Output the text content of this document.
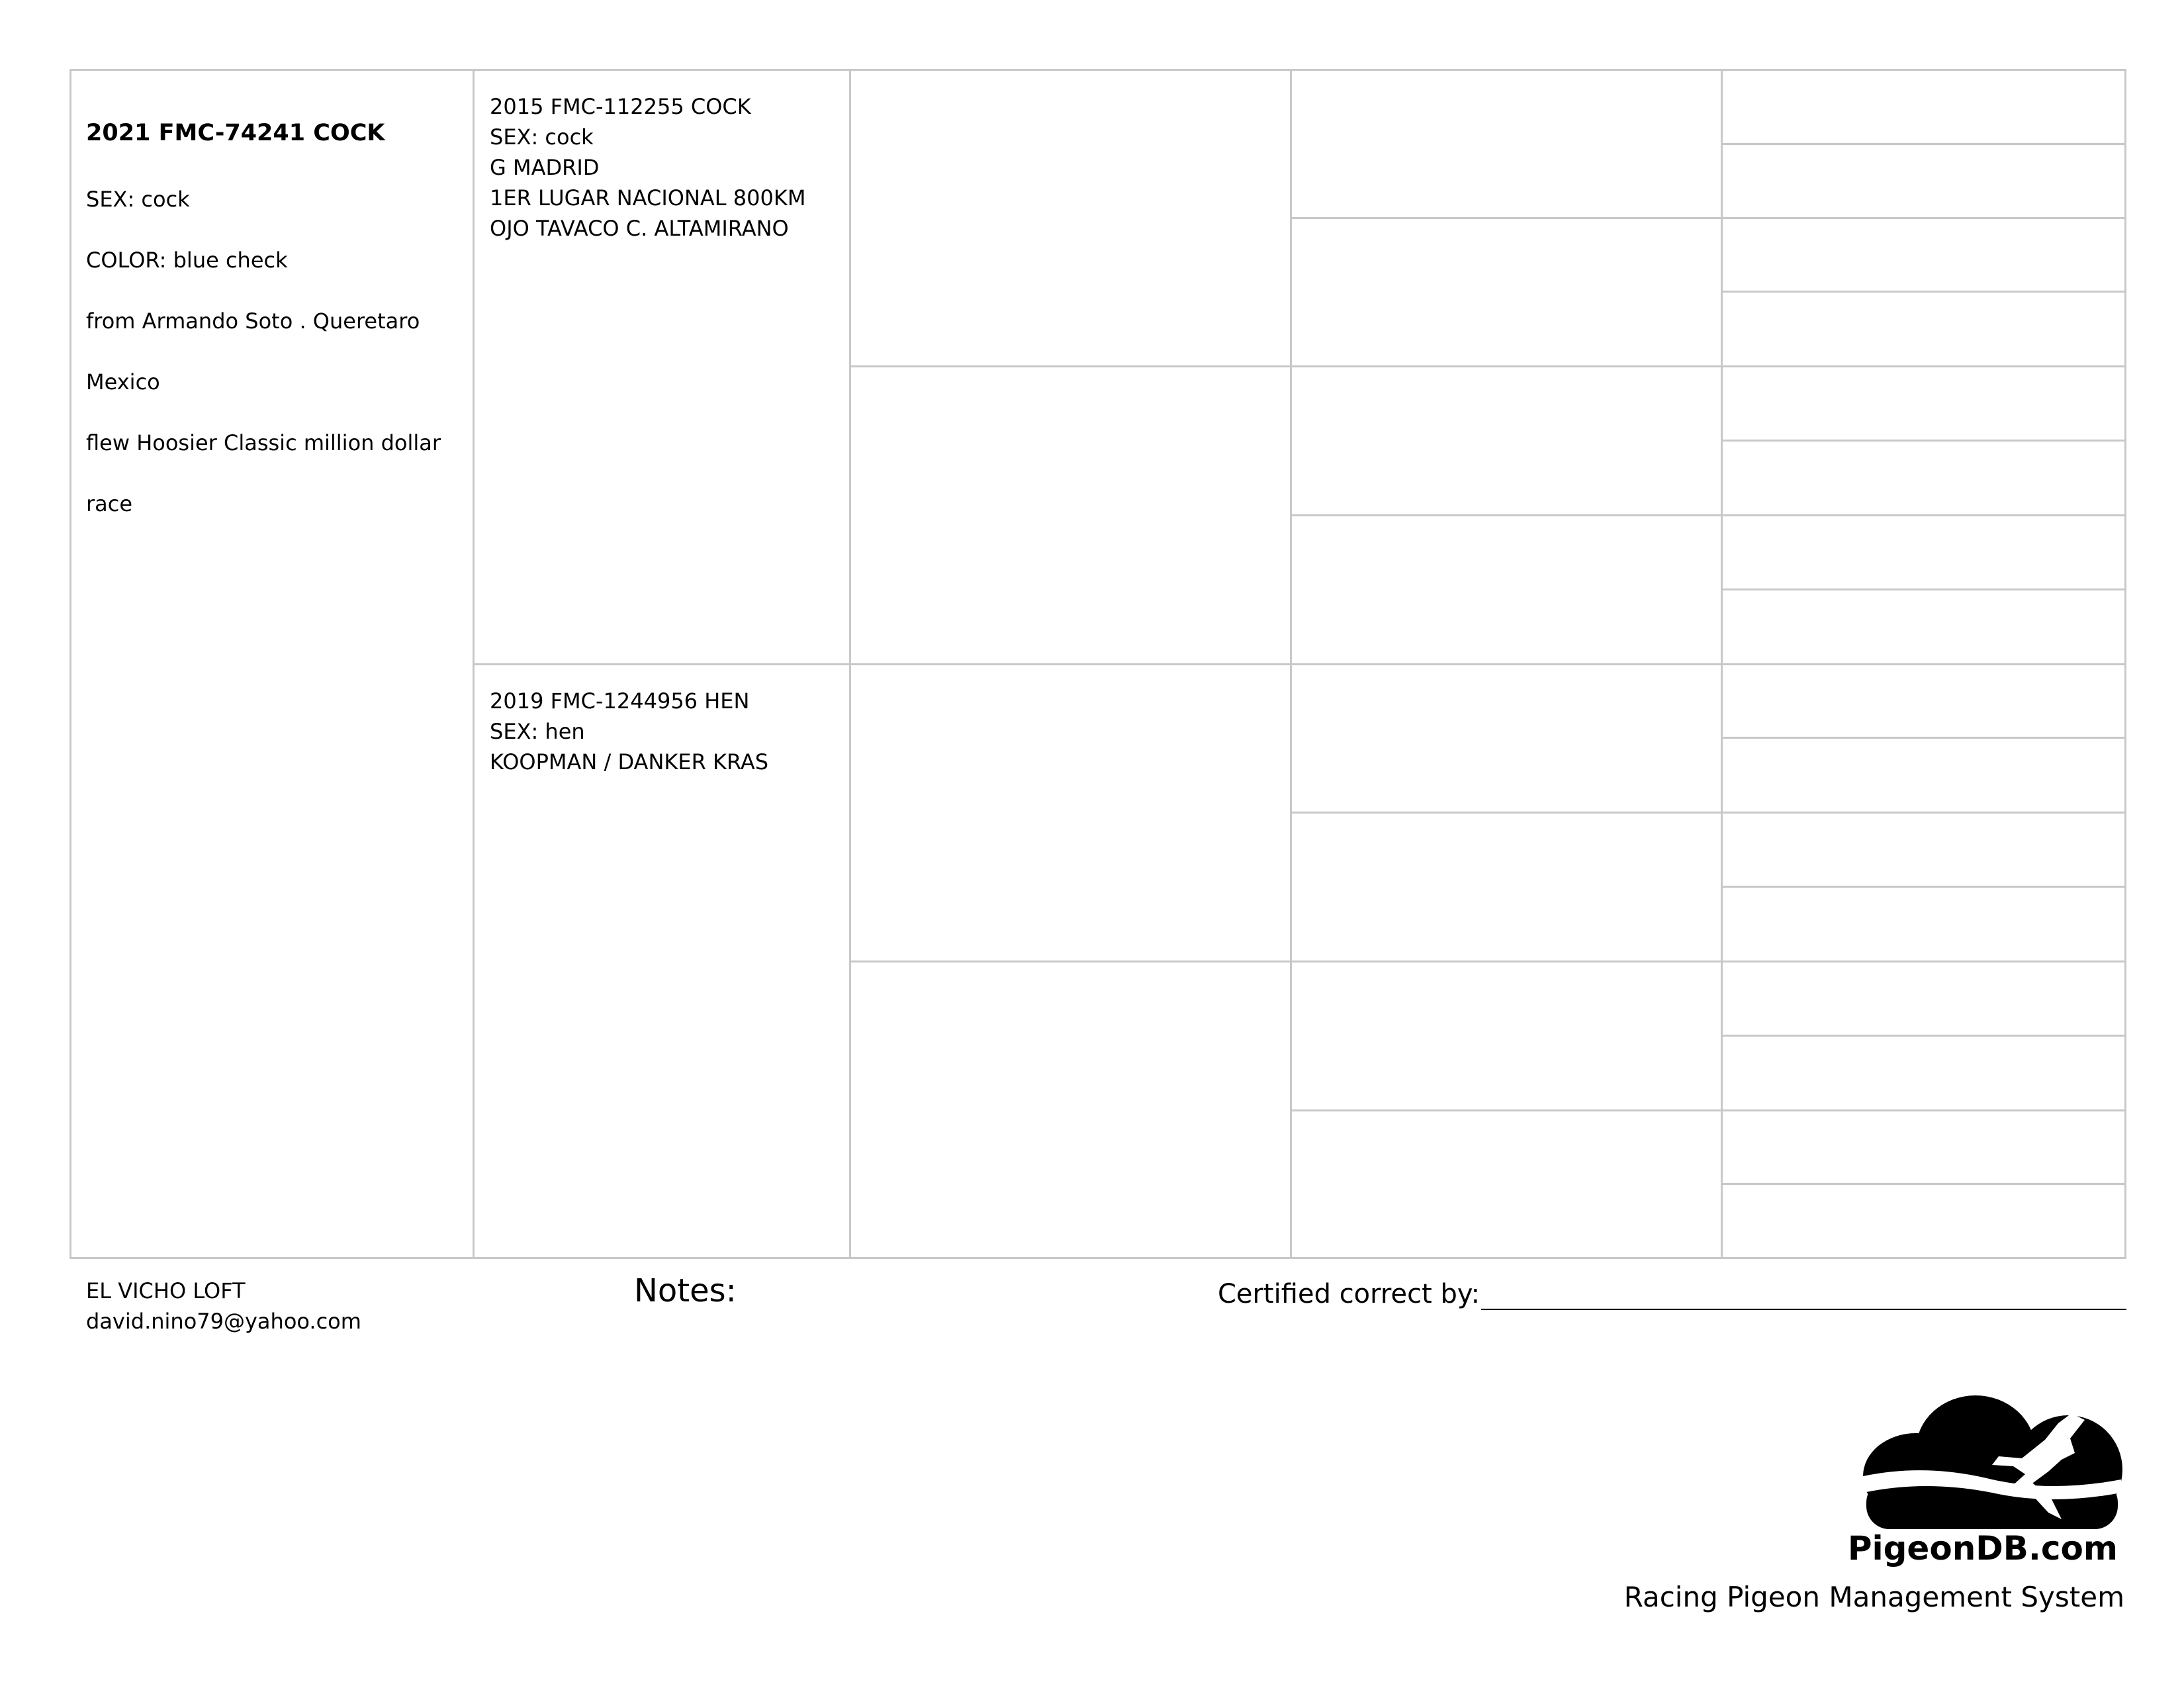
2021 FMC-74241 COCK

SEX: cock

COLOR: blue check

from Armando Soto . Queretaro

Mexico

flew Hoosier Classic million dollar

race

2015 FMC-112255 COCK
SEX: cock
G MADRID
1ER LUGAR NACIONAL 800KM
OJO TAVACO C. ALTAMIRANO
2019 FMC-1244956 HEN
SEX: hen
KOOPMAN / DANKER KRAS
EL VICHO LOFT
david.nino79@yahoo.com
Notes:	Certified correct by:
PigeonDB.com
Racing Pigeon Management System
